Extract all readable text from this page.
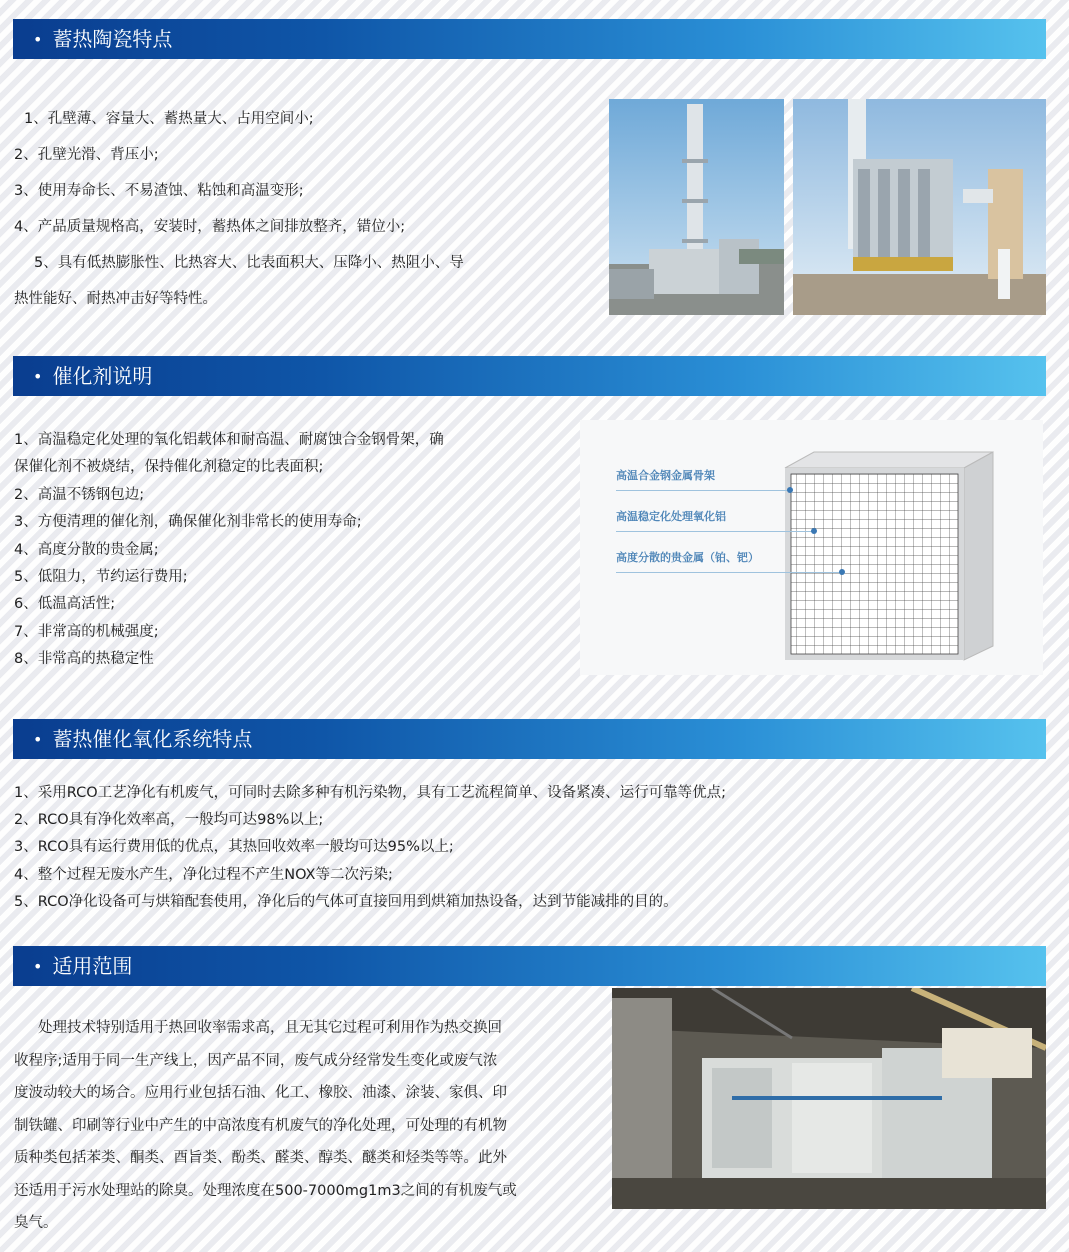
• 蓄热陶瓷特点

1、孔壁薄、容量大、蓄热量大、占用空间小;

2、孔壁光滑、背压小;

3、使用寿命长、不易渣蚀、粘蚀和高温变形;

4、产品质量规格高，安装时，蓄热体之间排放整齐，错位小;

5、具有低热膨胀性、比热容大、比表面积大、压降小、热阻小、导

热性能好、耐热冲击好等特性。

• 催化剂说明

1、高温稳定化处理的氧化铝载体和耐高温、耐腐蚀合金钢骨架，确

保催化剂不被烧结，保持催化剂稳定的比表面积;

2、高温不锈钢包边;

3、方便清理的催化剂，确保催化剂非常长的使用寿命;

4、高度分散的贵金属;

5、低阻力，节约运行费用;

6、低温高活性;

7、非常高的机械强度;

8、非常高的热稳定性

高温合金钢金属骨架
高温稳定化处理氧化铝
高度分散的贵金属（铂、钯）
• 蓄热催化氧化系统特点

1、采用RCO工艺净化有机废气，可同时去除多种有机污染物，具有工艺流程简单、设备紧凑、运行可靠等优点;

2、RCO具有净化效率高，一般均可达98%以上;

3、RCO具有运行费用低的优点，其热回收效率一般均可达95%以上;

4、整个过程无废水产生，净化过程不产生NOX等二次污染;

5、RCO净化设备可与烘箱配套使用，净化后的气体可直接回用到烘箱加热设备，达到节能减排的目的。

• 适用范围

处理技术特别适用于热回收率需求高，且无其它过程可利用作为热交换回

收程序;适用于同一生产线上，因产品不同，废气成分经常发生变化或废气浓

度波动较大的场合。应用行业包括石油、化工、橡胶、油漆、涂装、家俱、印

制铁罐、印刷等行业中产生的中高浓度有机废气的净化处理，可处理的有机物

质种类包括苯类、酮类、酉旨类、酚类、醛类、醇类、醚类和烃类等等。此外

还适用于污水处理站的除臭。处理浓度在500-7000mg1m3之间的有机废气或

臭气。
